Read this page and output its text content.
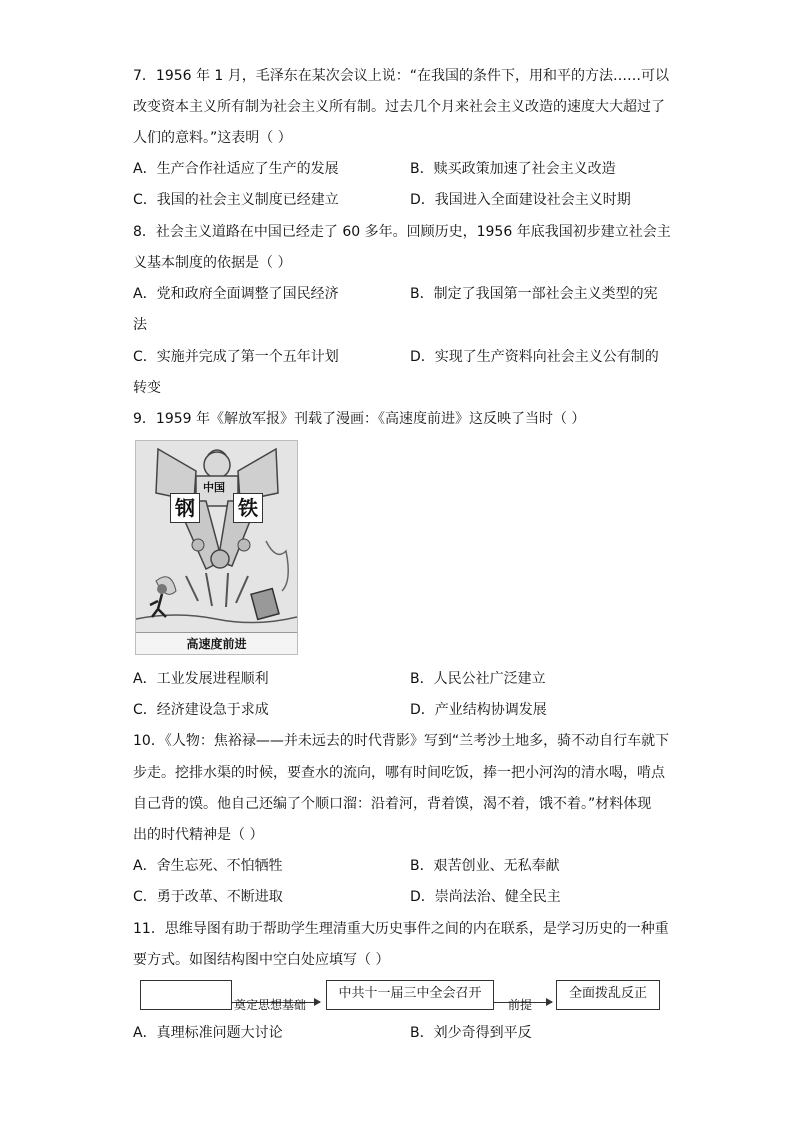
7．1956 年 1 月，毛泽东在某次会议上说：“在我国的条件下，用和平的方法……可以
改变资本主义所有制为社会主义所有制。过去几个月来社会主义改造的速度大大超过了
人们的意料。”这表明（ ）
A．生产合作社适应了生产的发展	B．赎买政策加速了社会主义改造
C．我国的社会主义制度已经建立	D．我国进入全面建设社会主义时期
8．社会主义道路在中国已经走了 60 多年。回顾历史，1956 年底我国初步建立社会主
义基本制度的依据是（ ）
A．党和政府全面调整了国民经济	B．制定了我国第一部社会主义类型的宪
法
C．实施并完成了第一个五年计划	D．实现了生产资料向社会主义公有制的
转变
9．1959 年《解放军报》刊载了漫画：《高速度前进》这反映了当时（ ）
中国
钢 铁
高速度前进
A．工业发展进程顺利	B．人民公社广泛建立
C．经济建设急于求成	D．产业结构协调发展
10．《人物：焦裕禄——并未远去的时代背影》写到“兰考沙土地多，骑不动自行车就下
步走。挖排水渠的时候，要查水的流向，哪有时间吃饭，捧一把小河沟的清水喝，啃点
自己背的馍。他自己还编了个顺口溜：沿着河，背着馍，渴不着，饿不着。”材料体现
出的时代精神是（ ）
A．舍生忘死、不怕牺牲	B．艰苦创业、无私奉献
C．勇于改革、不断进取	D．崇尚法治、健全民主
11．思维导图有助于帮助学生理清重大历史事件之间的内在联系，是学习历史的一种重
要方式。如图结构图中空白处应填写（ ）
奠定思想基础
中共十一届三中全会召开
前提
全面拨乱反正
A．真理标准问题大讨论	B．刘少奇得到平反
